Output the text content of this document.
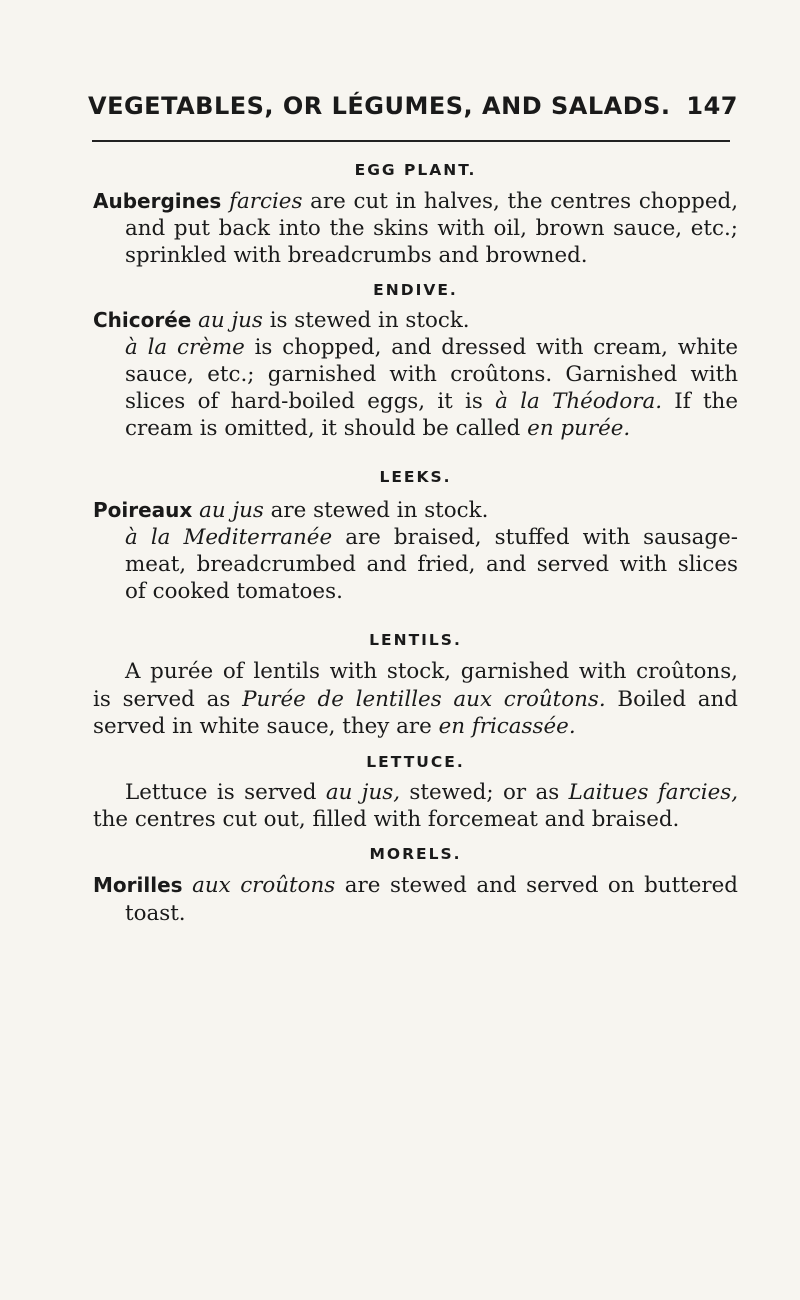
VEGETABLES, OR LÉGUMES, AND SALADS. 147

EGG PLANT.

Aubergines farcies are cut in halves, the centres chopped, and put back into the skins with oil, brown sauce, etc.; sprinkled with breadcrumbs and browned.

ENDIVE.

Chicorée au jus is stewed in stock.

à la crème is chopped, and dressed with cream, white sauce, etc.; garnished with croûtons. Garnished with slices of hard-boiled eggs, it is à la Théodora. If the cream is omitted, it should be called en purée.

LEEKS.

Poireaux au jus are stewed in stock.

à la Mediterranée are braised, stuffed with sausage-meat, breadcrumbed and fried, and served with slices of cooked tomatoes.

LENTILS.

A purée of lentils with stock, garnished with croûtons, is served as Purée de lentilles aux croûtons. Boiled and served in white sauce, they are en fricassée.

LETTUCE.

Lettuce is served au jus, stewed; or as Laitues farcies, the centres cut out, filled with forcemeat and braised.

MORELS.

Morilles aux croûtons are stewed and served on buttered toast.
